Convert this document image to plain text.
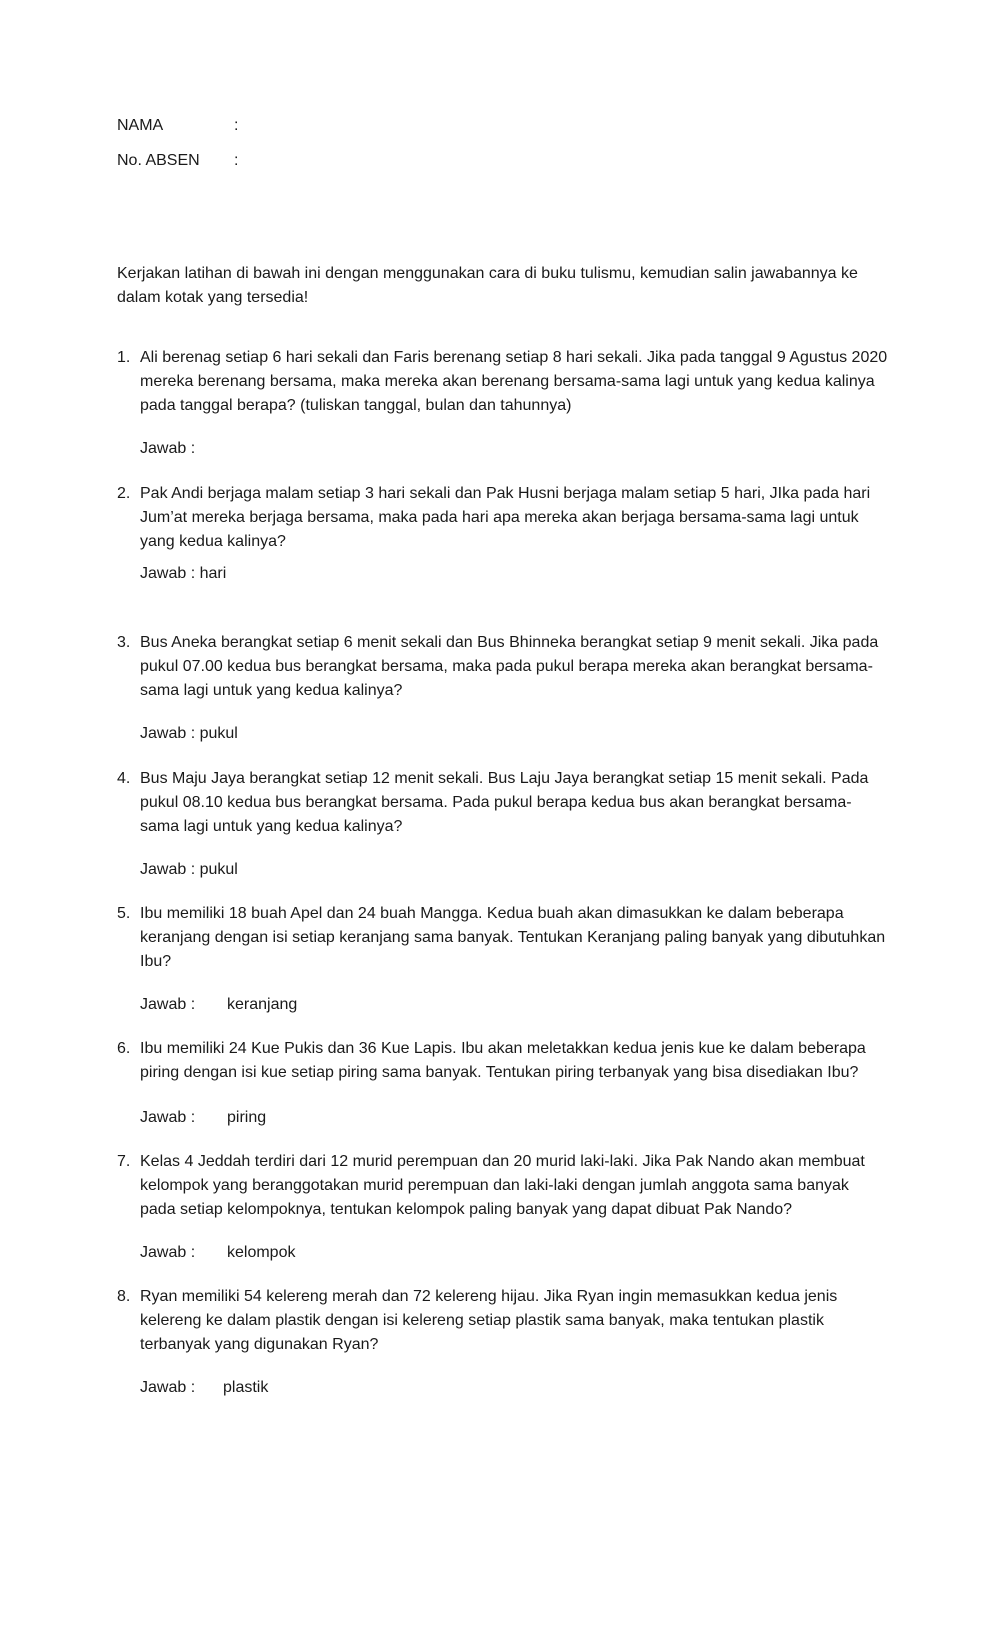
NAMA	:
No. ABSEN :
Kerjakan latihan di bawah ini dengan menggunakan cara di buku tulismu, kemudian salin jawabannya ke dalam kotak yang tersedia!
1. Ali berenag setiap 6 hari sekali dan Faris berenang setiap 8 hari sekali. Jika pada tanggal 9 Agustus 2020 mereka berenang bersama, maka mereka akan berenang bersama-sama lagi untuk yang kedua kalinya pada tanggal berapa? (tuliskan tanggal, bulan dan tahunnya)
Jawab :
2. Pak Andi berjaga malam setiap 3 hari sekali dan Pak Husni berjaga malam setiap 5 hari, JIka pada hari Jum’at mereka berjaga bersama, maka pada hari apa mereka akan berjaga bersama-sama lagi untuk yang kedua kalinya?
Jawab : hari
3. Bus Aneka berangkat setiap 6 menit sekali dan Bus Bhinneka berangkat setiap 9 menit sekali. Jika pada pukul 07.00 kedua bus berangkat bersama, maka pada pukul berapa mereka akan berangkat bersama-sama lagi untuk yang kedua kalinya?
Jawab : pukul
4. Bus Maju Jaya berangkat setiap 12 menit sekali. Bus Laju Jaya berangkat setiap 15 menit sekali. Pada pukul 08.10 kedua bus berangkat bersama. Pada pukul berapa kedua bus akan berangkat bersama-sama lagi untuk yang kedua kalinya?
Jawab : pukul
5. Ibu memiliki 18 buah Apel dan 24 buah Mangga. Kedua buah akan dimasukkan ke dalam beberapa keranjang dengan isi setiap keranjang sama banyak. Tentukan Keranjang paling banyak yang dibutuhkan Ibu?
Jawab : keranjang
6. Ibu memiliki 24 Kue Pukis dan 36 Kue Lapis. Ibu akan meletakkan kedua jenis kue ke dalam beberapa piring dengan isi kue setiap piring sama banyak. Tentukan piring terbanyak yang bisa disediakan Ibu?
Jawab : piring
7. Kelas 4 Jeddah terdiri dari 12 murid perempuan dan 20 murid laki-laki. Jika Pak Nando akan membuat kelompok yang beranggotakan murid perempuan dan laki-laki dengan jumlah anggota sama banyak pada setiap kelompoknya, tentukan kelompok paling banyak yang dapat dibuat Pak Nando?
Jawab : kelompok
8. Ryan memiliki 54 kelereng merah dan 72 kelereng hijau. Jika Ryan ingin memasukkan kedua jenis kelereng ke dalam plastik dengan isi kelereng setiap plastik sama banyak, maka tentukan plastik terbanyak yang digunakan Ryan?
Jawab : plastik
